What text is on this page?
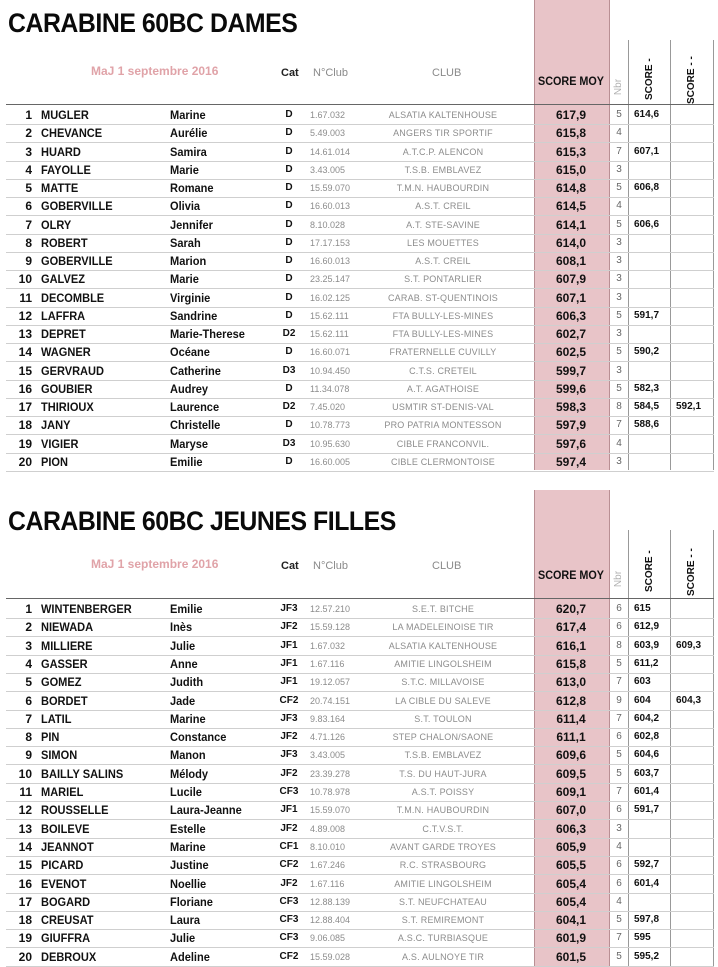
CARABINE 60BC DAMES
MaJ 1 septembre 2016	Cat N°Club	CLUB
SCORE MOY Nbr SCORE -	SCORE - -
1 MUGLER	Marine	D	1.67.032	ALSATIA KALTENHOUSE	617,9	5	614,6
2 CHEVANCE	Aurélie	D	5.49.003	ANGERS TIR SPORTIF	615,8	4
3 HUARD	Samira	D	14.61.014	A.T.C.P. ALENCON	615,3	7	607,1
4 FAYOLLE	Marie	D	3.43.005	T.S.B. EMBLAVEZ	615,0	3
5 MATTE	Romane	D	15.59.070	T.M.N. HAUBOURDIN	614,8	5	606,8
6 GOBERVILLE	Olivia	D	16.60.013	A.S.T. CREIL	614,5	4
7 OLRY	Jennifer	D	8.10.028	A.T. STE-SAVINE	614,1	5	606,6
8 ROBERT	Sarah	D	17.17.153	LES MOUETTES	614,0	3
9 GOBERVILLE	Marion	D	16.60.013	A.S.T. CREIL	608,1	3
10 GALVEZ	Marie	D	23.25.147	S.T. PONTARLIER	607,9	3
11 DECOMBLE	Virginie	D	16.02.125	CARAB. ST-QUENTINOIS	607,1	3
12 LAFFRA	Sandrine	D	15.62.111	FTA BULLY-LES-MINES	606,3	5	591,7
13 DEPRET	Marie-Therese	D2	15.62.111	FTA BULLY-LES-MINES	602,7	3
14 WAGNER	Océane	D	16.60.071	FRATERNELLE CUVILLY	602,5	5	590,2
15 GERVRAUD	Catherine	D3	10.94.450	C.T.S. CRETEIL	599,7	3
16 GOUBIER	Audrey	D	11.34.078	A.T. AGATHOISE	599,6	5	582,3
17 THIRIOUX	Laurence	D2	7.45.020	USMTIR ST-DENIS-VAL	598,3	8	584,5	592,1
18 JANY	Christelle	D	10.78.773	PRO PATRIA MONTESSON	597,9	7	588,6
19 VIGIER	Maryse	D3	10.95.630	CIBLE FRANCONVIL.	597,6	4
20 PION	Emilie	D	16.60.005	CIBLE CLERMONTOISE	597,4	3
CARABINE 60BC JEUNES FILLES
MaJ 1 septembre 2016	Cat N°Club	CLUB
SCORE MOY Nbr SCORE -	SCORE - -
1 WINTENBERGER	Emilie	JF3	12.57.210	S.E.T. BITCHE	620,7	6	615
2 NIEWADA	Inès	JF2	15.59.128	LA MADELEINOISE TIR	617,4	6	612,9
3 MILLIERE	Julie	JF1	1.67.032	ALSATIA KALTENHOUSE	616,1	8	603,9	609,3
4 GASSER	Anne	JF1	1.67.116	AMITIE LINGOLSHEIM	615,8	5	611,2
5 GOMEZ	Judith	JF1	19.12.057	S.T.C. MILLAVOISE	613,0	7	603
6 BORDET	Jade	CF2	20.74.151	LA CIBLE DU SALEVE	612,8	9	604	604,3
7 LATIL	Marine	JF3	9.83.164	S.T. TOULON	611,4	7	604,2
8 PIN	Constance	JF2	4.71.126	STEP CHALON/SAONE	611,1	6	602,8
9 SIMON	Manon	JF3	3.43.005	T.S.B. EMBLAVEZ	609,6	5	604,6
10 BAILLY SALINS	Mélody	JF2	23.39.278	T.S. DU HAUT-JURA	609,5	5	603,7
11 MARIEL	Lucile	CF3	10.78.978	A.S.T. POISSY	609,1	7	601,4
12 ROUSSELLE	Laura-Jeanne	JF1	15.59.070	T.M.N. HAUBOURDIN	607,0	6	591,7
13 BOILEVE	Estelle	JF2	4.89.008	C.T.V.S.T.	606,3	3
14 JEANNOT	Marine	CF1	8.10.010	AVANT GARDE TROYES	605,9	4
15 PICARD	Justine	CF2	1.67.246	R.C. STRASBOURG	605,5	6	592,7
16 EVENOT	Noellie	JF2	1.67.116	AMITIE LINGOLSHEIM	605,4	6	601,4
17 BOGARD	Floriane	CF3	12.88.139	S.T. NEUFCHATEAU	605,4	4
18 CREUSAT	Laura	CF3	12.88.404	S.T. REMIREMONT	604,1	5	597,8
19 GIUFFRA	Julie	CF3	9.06.085	A.S.C. TURBIASQUE	601,9	7	595
20 DEBROUX	Adeline	CF2	15.59.028	A.S. AULNOYE TIR	601,5	5	595,2
